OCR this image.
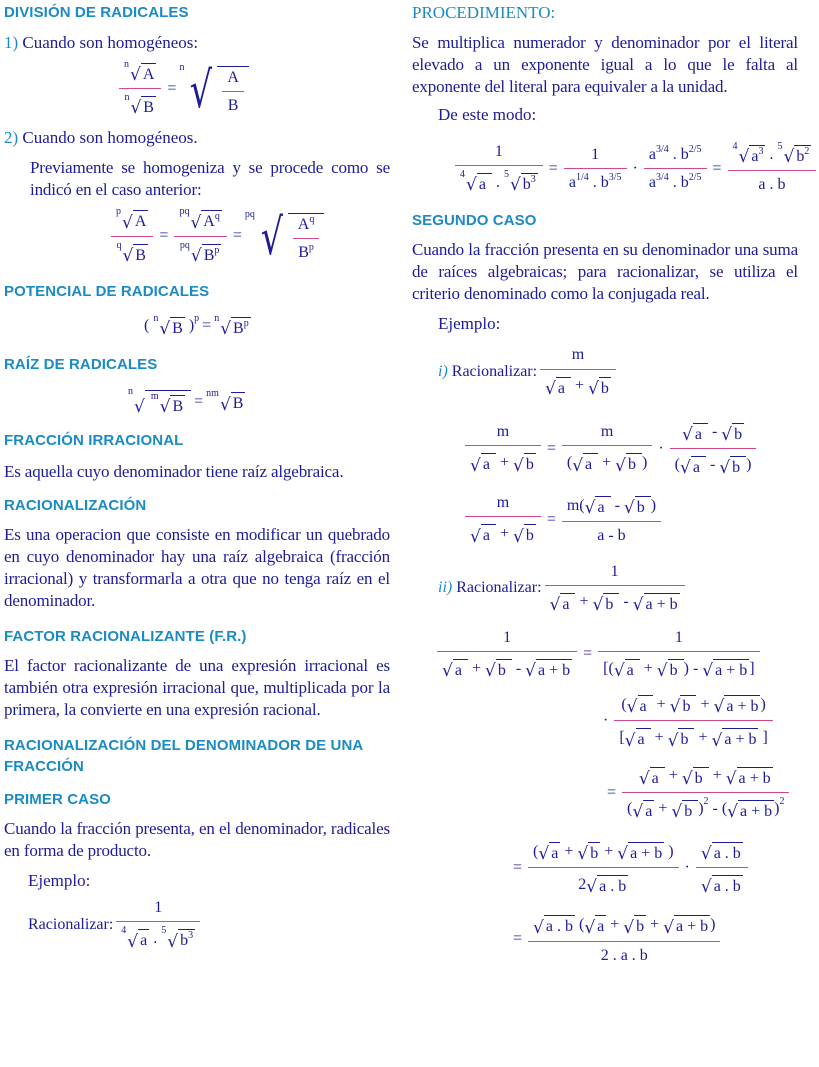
DIVISIÓN DE RADICALES
1) Cuando son homogéneos:
n
√ A
n
√ B =
n √ $\frac{A}{B}$
2) Cuando son homogéneos.
Previamente se homogeniza y se procede como se indicó en el caso anterior:
p
√ A
q
√ B = pq
√ A q
pq
√ B p =
pq √ $\frac{\text{A q}}{\text{B p}}$
POTENCIAL DE RADICALES
( n
√ B ) p = n
√ B p
RAÍZ DE RADICALES
n
√

m
√ B
= nm
√ B
FRACCIÓN IRRACIONAL
Es aquella cuyo denominador tiene raíz algebraica.
RACIONALIZACIÓN
Es una operacion que consiste en modificar un quebrado en cuyo denominador hay una raíz algebraica (fracción irracional) y transformarla a otra que no tenga raíz en el denominador.
FACTOR RACIONALIZANTE (F.R.)
El factor racionalizante de una expresión irracional es también otra expresión irracional que, multiplicada por la primera, la convierte en una expresión racional.
RACIONALIZACIÓN DEL DENOMINADOR DE UNA FRACCIÓN
PRIMER CASO
Cuando la fracción presenta, en el denominador, radicales en forma de producto.
Ejemplo:
Racionalizar: 1
4
√ a . 5
√ b 3
PROCEDIMIENTO:
Se multiplica numerador y denominador por el literal elevado a un exponente igual a lo que le falta al exponente del literal para equivaler a la unidad.
De este modo:
1
4
√ a . 5
√ b $3 = \frac{1}{a 1/4 . b 3/5} \cdot \frac{a 3/4 . b 2/5}{a 3/4 . b 2/5} = 4$
√ a 3 . 5
√ b 2
a . b
SEGUNDO CASO
Cuando la fracción presenta en su denominador una suma de raíces algebraicas; para racionalizar, se utiliza el criterio denominado como la conjugada real.
Ejemplo:
i)
Racionalizar: $\frac{m}{√ a + √ b}$
$\frac{m}{√ a + √ b} = \frac{m}{( √ a + √ b )} \cdot \frac{√ a - √ b}{( √ a - √ b )}$
$\frac{m}{√ a + √ b} = \frac{m( √ a - √ b )}{a - b}$
ii)
Racionalizar: $\frac{1}{√ a + √ b - √ a + b}$
$\frac{1}{√ a + √ b - √ a + b} = \frac{1}{[( √ a + √ b ) - √ a + b ]}$
· $\frac{( √ a + √ b + √ a + b )}{[ √ a + √ b + √ a + b ]}$
= $\frac{√ a + √ b + √ a + b}{( √ a + √ b ) 2 - ( √ a + b ) 2}$
= $\frac{( √ a + √ b + √ a + b )}{2 √ a . b} \cdot \frac{√ a . b}{√ a . b}$
= $\frac{√ a . b ( √ a + √ b + √ a + b )}{2 . a . b}$
